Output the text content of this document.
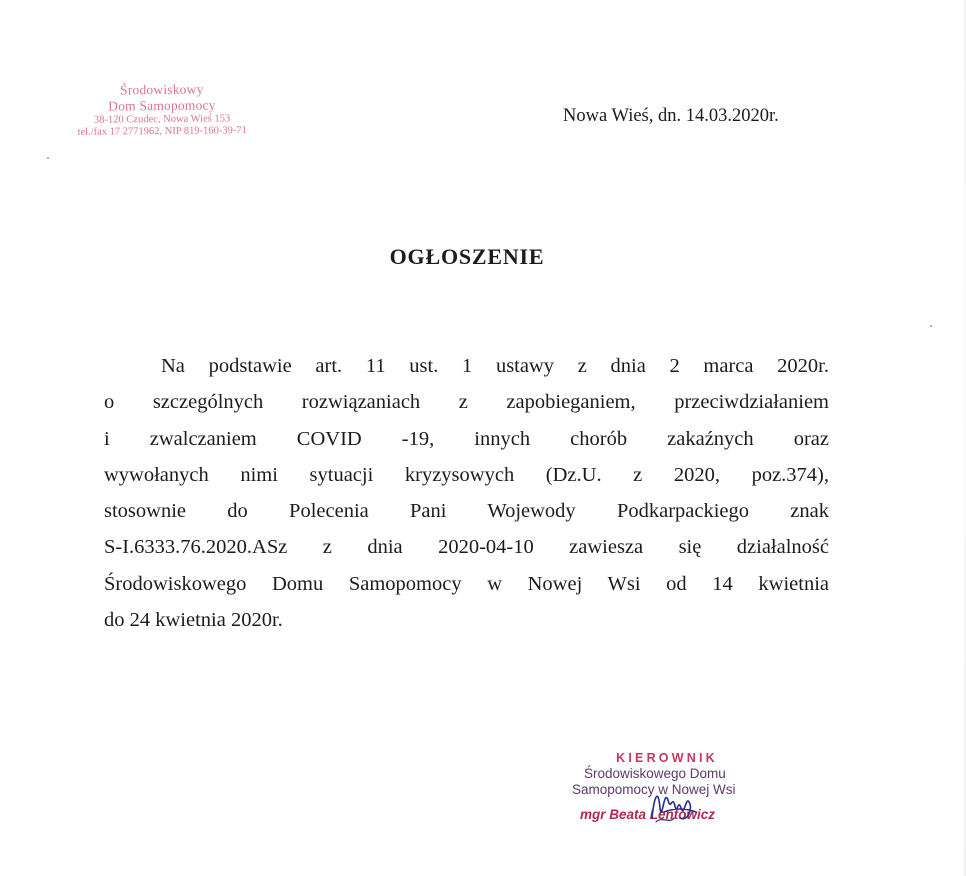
Środowiskowy
Dom Samopomocy
38-120 Czudec, Nowa Wieś 153
tel./fax 17 2771962, NIP 819-160-39-71
Nowa Wieś, dn. 14.03.2020r.
OGŁOSZENIE
Na podstawie art. 11 ust. 1 ustawy z dnia 2 marca 2020r.
o szczególnych rozwiązaniach z zapobieganiem, przeciwdziałaniem
i zwalczaniem COVID -19, innych chorób zakaźnych oraz
wywołanych nimi sytuacji kryzysowych (Dz.U. z 2020, poz.374),
stosownie do Polecenia Pani Wojewody Podkarpackiego znak
S-I.6333.76.2020.ASz z dnia 2020-04-10 zawiesza się działalność
Środowiskowego Domu Samopomocy w Nowej Wsi od 14 kwietnia
do 24 kwietnia 2020r.
KIEROWNIK
Środowiskowego Domu
Samopomocy w Nowej Wsi
mgr Beata Lentowicz
